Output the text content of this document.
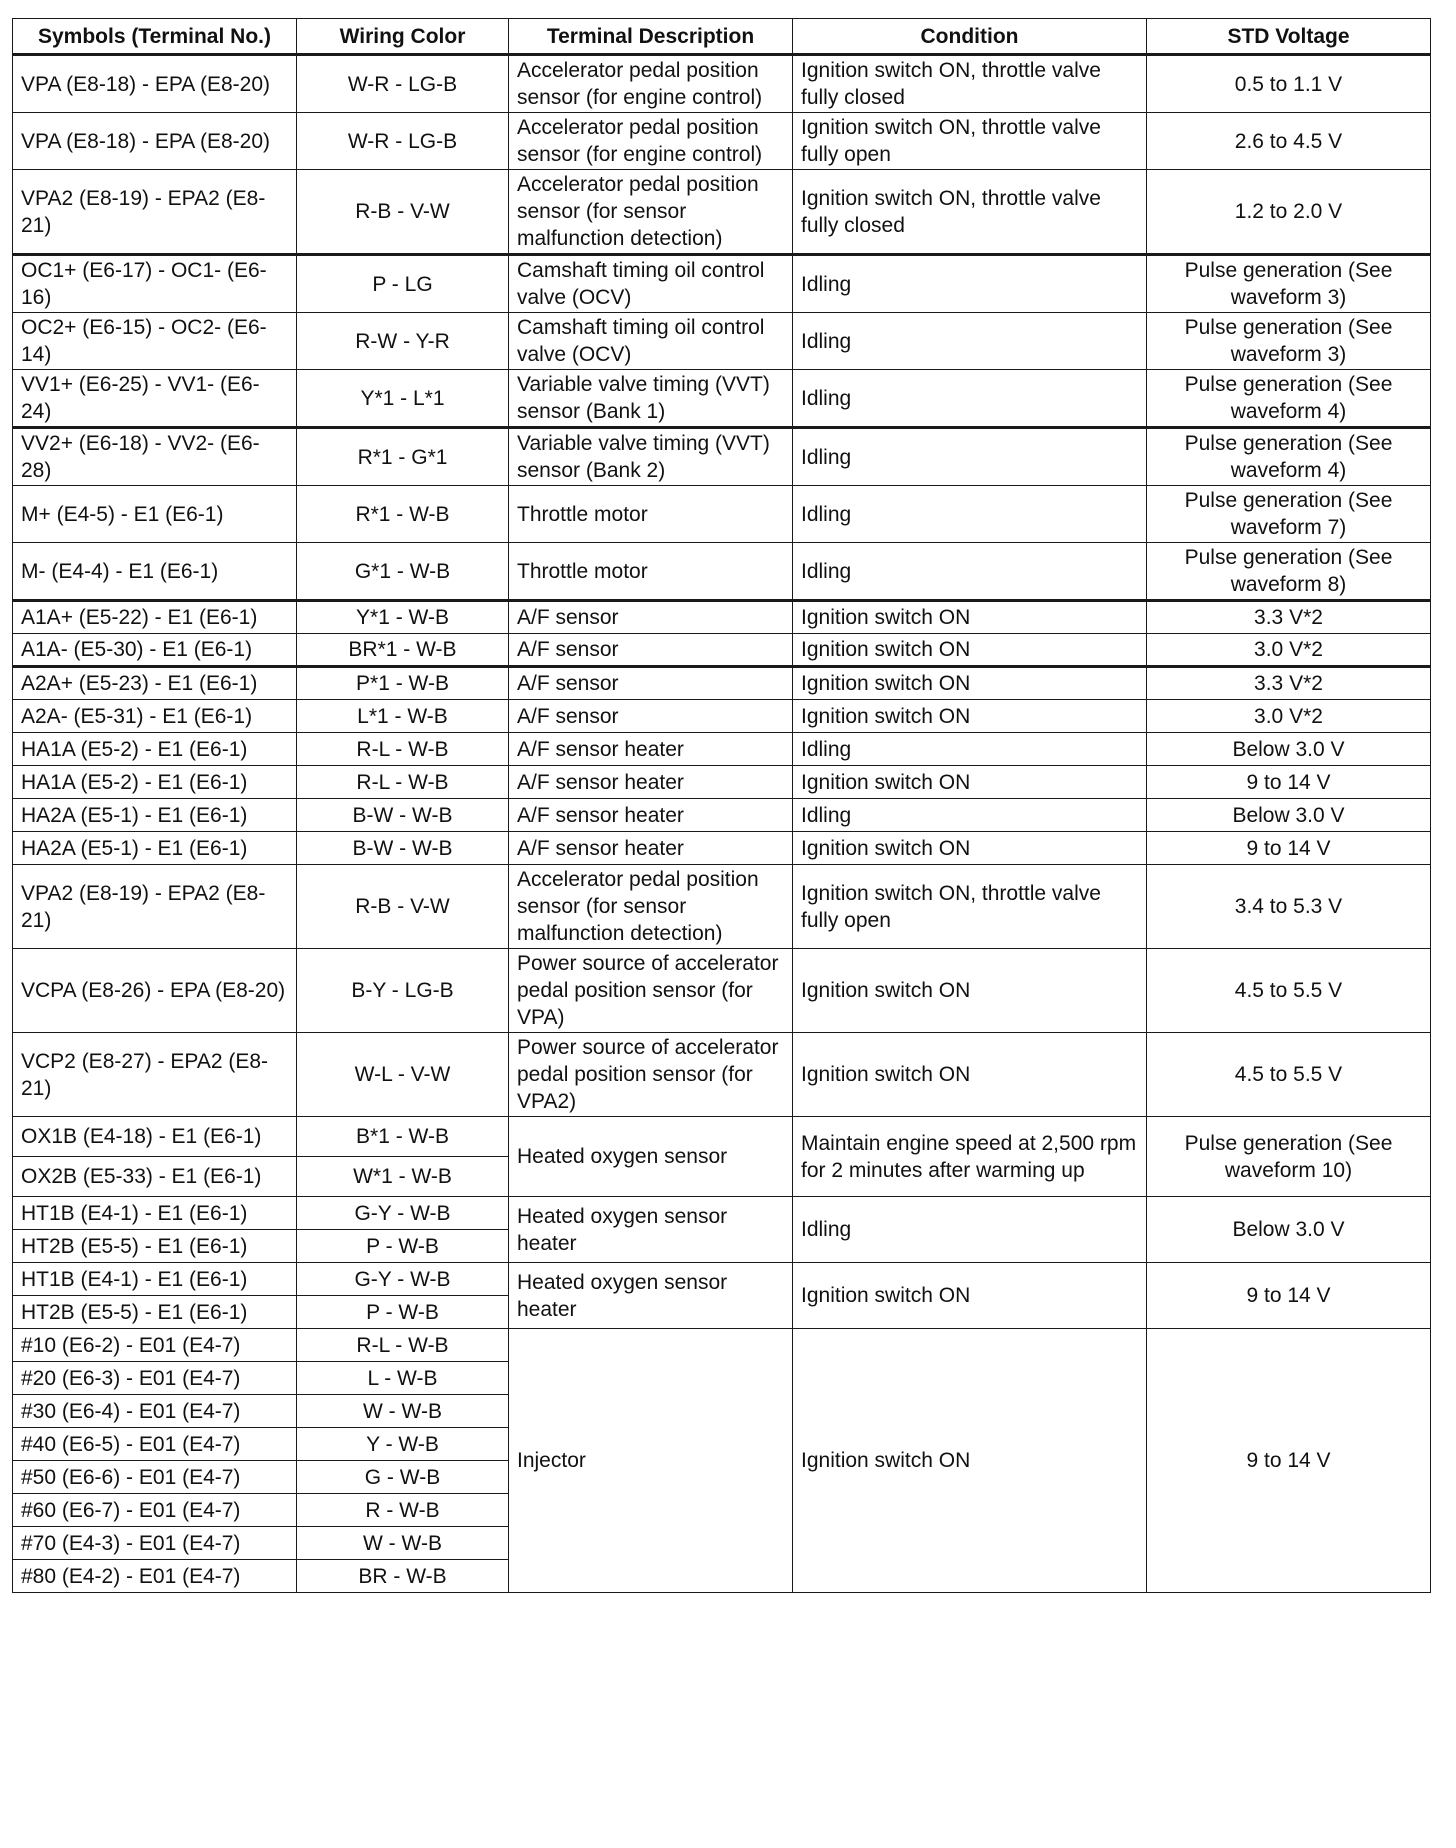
Symbols (Terminal No.)	Wiring Color	Terminal Description	Condition	STD Voltage
VPA (E8-18) - EPA (E8-20)	W-R - LG-B	Accelerator pedal position sensor (for engine control)	Ignition switch ON, throttle valve fully closed	0.5 to 1.1 V
VPA (E8-18) - EPA (E8-20)	W-R - LG-B	Accelerator pedal position sensor (for engine control)	Ignition switch ON, throttle valve fully open	2.6 to 4.5 V
VPA2 (E8-19) - EPA2 (E8-21)	R-B - V-W	Accelerator pedal position sensor (for sensor malfunction detection)	Ignition switch ON, throttle valve fully closed	1.2 to 2.0 V
OC1+ (E6-17) - OC1- (E6-16)	P - LG	Camshaft timing oil control valve (OCV)	Idling	Pulse generation (See waveform 3)
OC2+ (E6-15) - OC2- (E6-14)	R-W - Y-R	Camshaft timing oil control valve (OCV)	Idling	Pulse generation (See waveform 3)
VV1+ (E6-25) - VV1- (E6-24)	Y*1 - L*1	Variable valve timing (VVT) sensor (Bank 1)	Idling	Pulse generation (See waveform 4)
VV2+ (E6-18) - VV2- (E6-28)	R*1 - G*1	Variable valve timing (VVT) sensor (Bank 2)	Idling	Pulse generation (See waveform 4)
M+ (E4-5) - E1 (E6-1)	R*1 - W-B	Throttle motor	Idling	Pulse generation (See waveform 7)
M- (E4-4) - E1 (E6-1)	G*1 - W-B	Throttle motor	Idling	Pulse generation (See waveform 8)
A1A+ (E5-22) - E1 (E6-1)	Y*1 - W-B	A/F sensor	Ignition switch ON	3.3 V*2
A1A- (E5-30) - E1 (E6-1)	BR*1 - W-B	A/F sensor	Ignition switch ON	3.0 V*2
A2A+ (E5-23) - E1 (E6-1)	P*1 - W-B	A/F sensor	Ignition switch ON	3.3 V*2
A2A- (E5-31) - E1 (E6-1)	L*1 - W-B	A/F sensor	Ignition switch ON	3.0 V*2
HA1A (E5-2) - E1 (E6-1)	R-L - W-B	A/F sensor heater	Idling	Below 3.0 V
HA1A (E5-2) - E1 (E6-1)	R-L - W-B	A/F sensor heater	Ignition switch ON	9 to 14 V
HA2A (E5-1) - E1 (E6-1)	B-W - W-B	A/F sensor heater	Idling	Below 3.0 V
HA2A (E5-1) - E1 (E6-1)	B-W - W-B	A/F sensor heater	Ignition switch ON	9 to 14 V
VPA2 (E8-19) - EPA2 (E8-21)	R-B - V-W	Accelerator pedal position sensor (for sensor malfunction detection)	Ignition switch ON, throttle valve fully open	3.4 to 5.3 V
VCPA (E8-26) - EPA (E8-20)	B-Y - LG-B	Power source of accelerator pedal position sensor (for VPA)	Ignition switch ON	4.5 to 5.5 V
VCP2 (E8-27) - EPA2 (E8-21)	W-L - V-W	Power source of accelerator pedal position sensor (for VPA2)	Ignition switch ON	4.5 to 5.5 V
OX1B (E4-18) - E1 (E6-1)	B*1 - W-B	Heated oxygen sensor	Maintain engine speed at 2,500 rpm for 2 minutes after warming up	Pulse generation (See waveform 10)
OX2B (E5-33) - E1 (E6-1)	W*1 - W-B			
HT1B (E4-1) - E1 (E6-1)	G-Y - W-B	Heated oxygen sensor heater	Idling	Below 3.0 V
HT2B (E5-5) - E1 (E6-1)	P - W-B			
HT1B (E4-1) - E1 (E6-1)	G-Y - W-B	Heated oxygen sensor heater	Ignition switch ON	9 to 14 V
HT2B (E5-5) - E1 (E6-1)	P - W-B			
#10 (E6-2) - E01 (E4-7)	R-L - W-B	Injector	Ignition switch ON	9 to 14 V
#20 (E6-3) - E01 (E4-7)	L - W-B			
#30 (E6-4) - E01 (E4-7)	W - W-B			
#40 (E6-5) - E01 (E4-7)	Y - W-B			
#50 (E6-6) - E01 (E4-7)	G - W-B			
#60 (E6-7) - E01 (E4-7)	R - W-B			
#70 (E4-3) - E01 (E4-7)	W - W-B			
#80 (E4-2) - E01 (E4-7)	BR - W-B			
